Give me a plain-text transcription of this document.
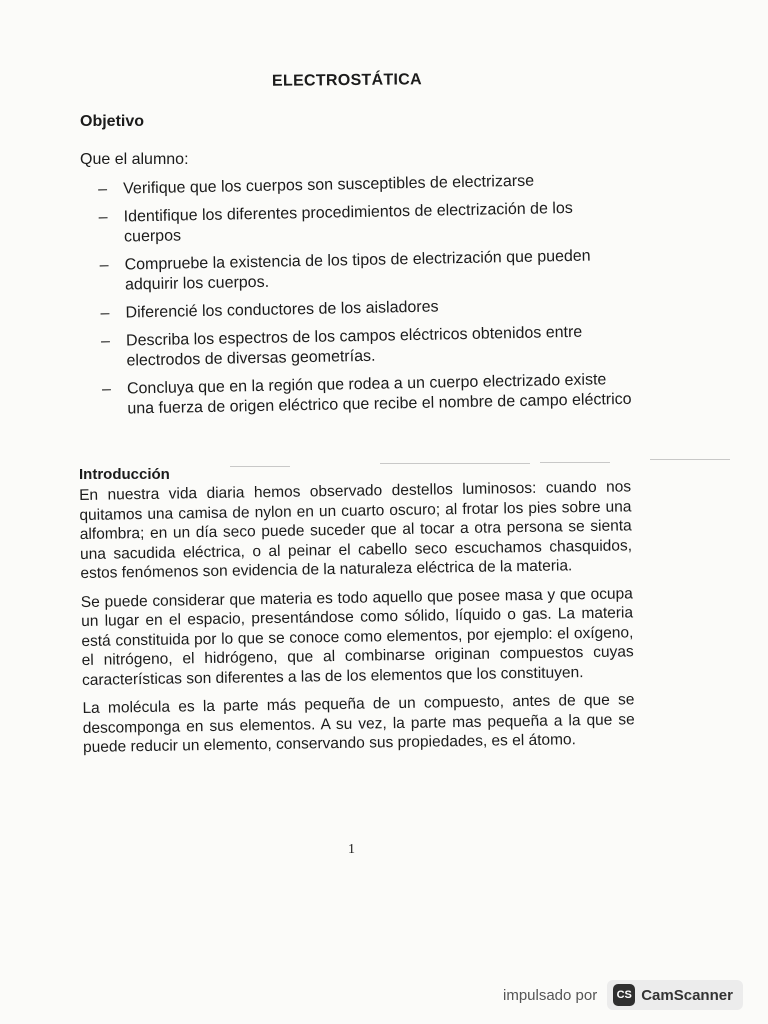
ELECTROSTÁTICA
Objetivo
Que el alumno:
– Verifique que los cuerpos son susceptibles de electrizarse
– Identifique los diferentes procedimientos de electrización de los cuerpos
– Compruebe la existencia de los tipos de electrización que pueden adquirir los cuerpos.
– Diferencié los conductores de los aisladores
– Describa los espectros de los campos eléctricos obtenidos entre electrodos de diversas geometrías.
– Concluya que en la región que rodea a un cuerpo electrizado existe una fuerza de origen eléctrico que recibe el nombre de campo eléctrico
Introducción

En nuestra vida diaria hemos observado destellos luminosos: cuando nos quitamos una camisa de nylon en un cuarto oscuro; al frotar los pies sobre una alfombra; en un día seco puede suceder que al tocar a otra persona se sienta una sacudida eléctrica, o al peinar el cabello seco escuchamos chasquidos, estos fenómenos son evidencia de la naturaleza eléctrica de la materia.

Se puede considerar que materia es todo aquello que posee masa y que ocupa un lugar en el espacio, presentándose como sólido, líquido o gas. La materia está constituida por lo que se conoce como elementos, por ejemplo: el oxígeno, el nitrógeno, el hidrógeno, que al combinarse originan compuestos cuyas características son diferentes a las de los elementos que los constituyen.

La molécula es la parte más pequeña de un compuesto, antes de que se descomponga en sus elementos. A su vez, la parte mas pequeña a la que se puede reducir un elemento, conservando sus propiedades, es el átomo.

1
impulsado por	CS CamScanner
